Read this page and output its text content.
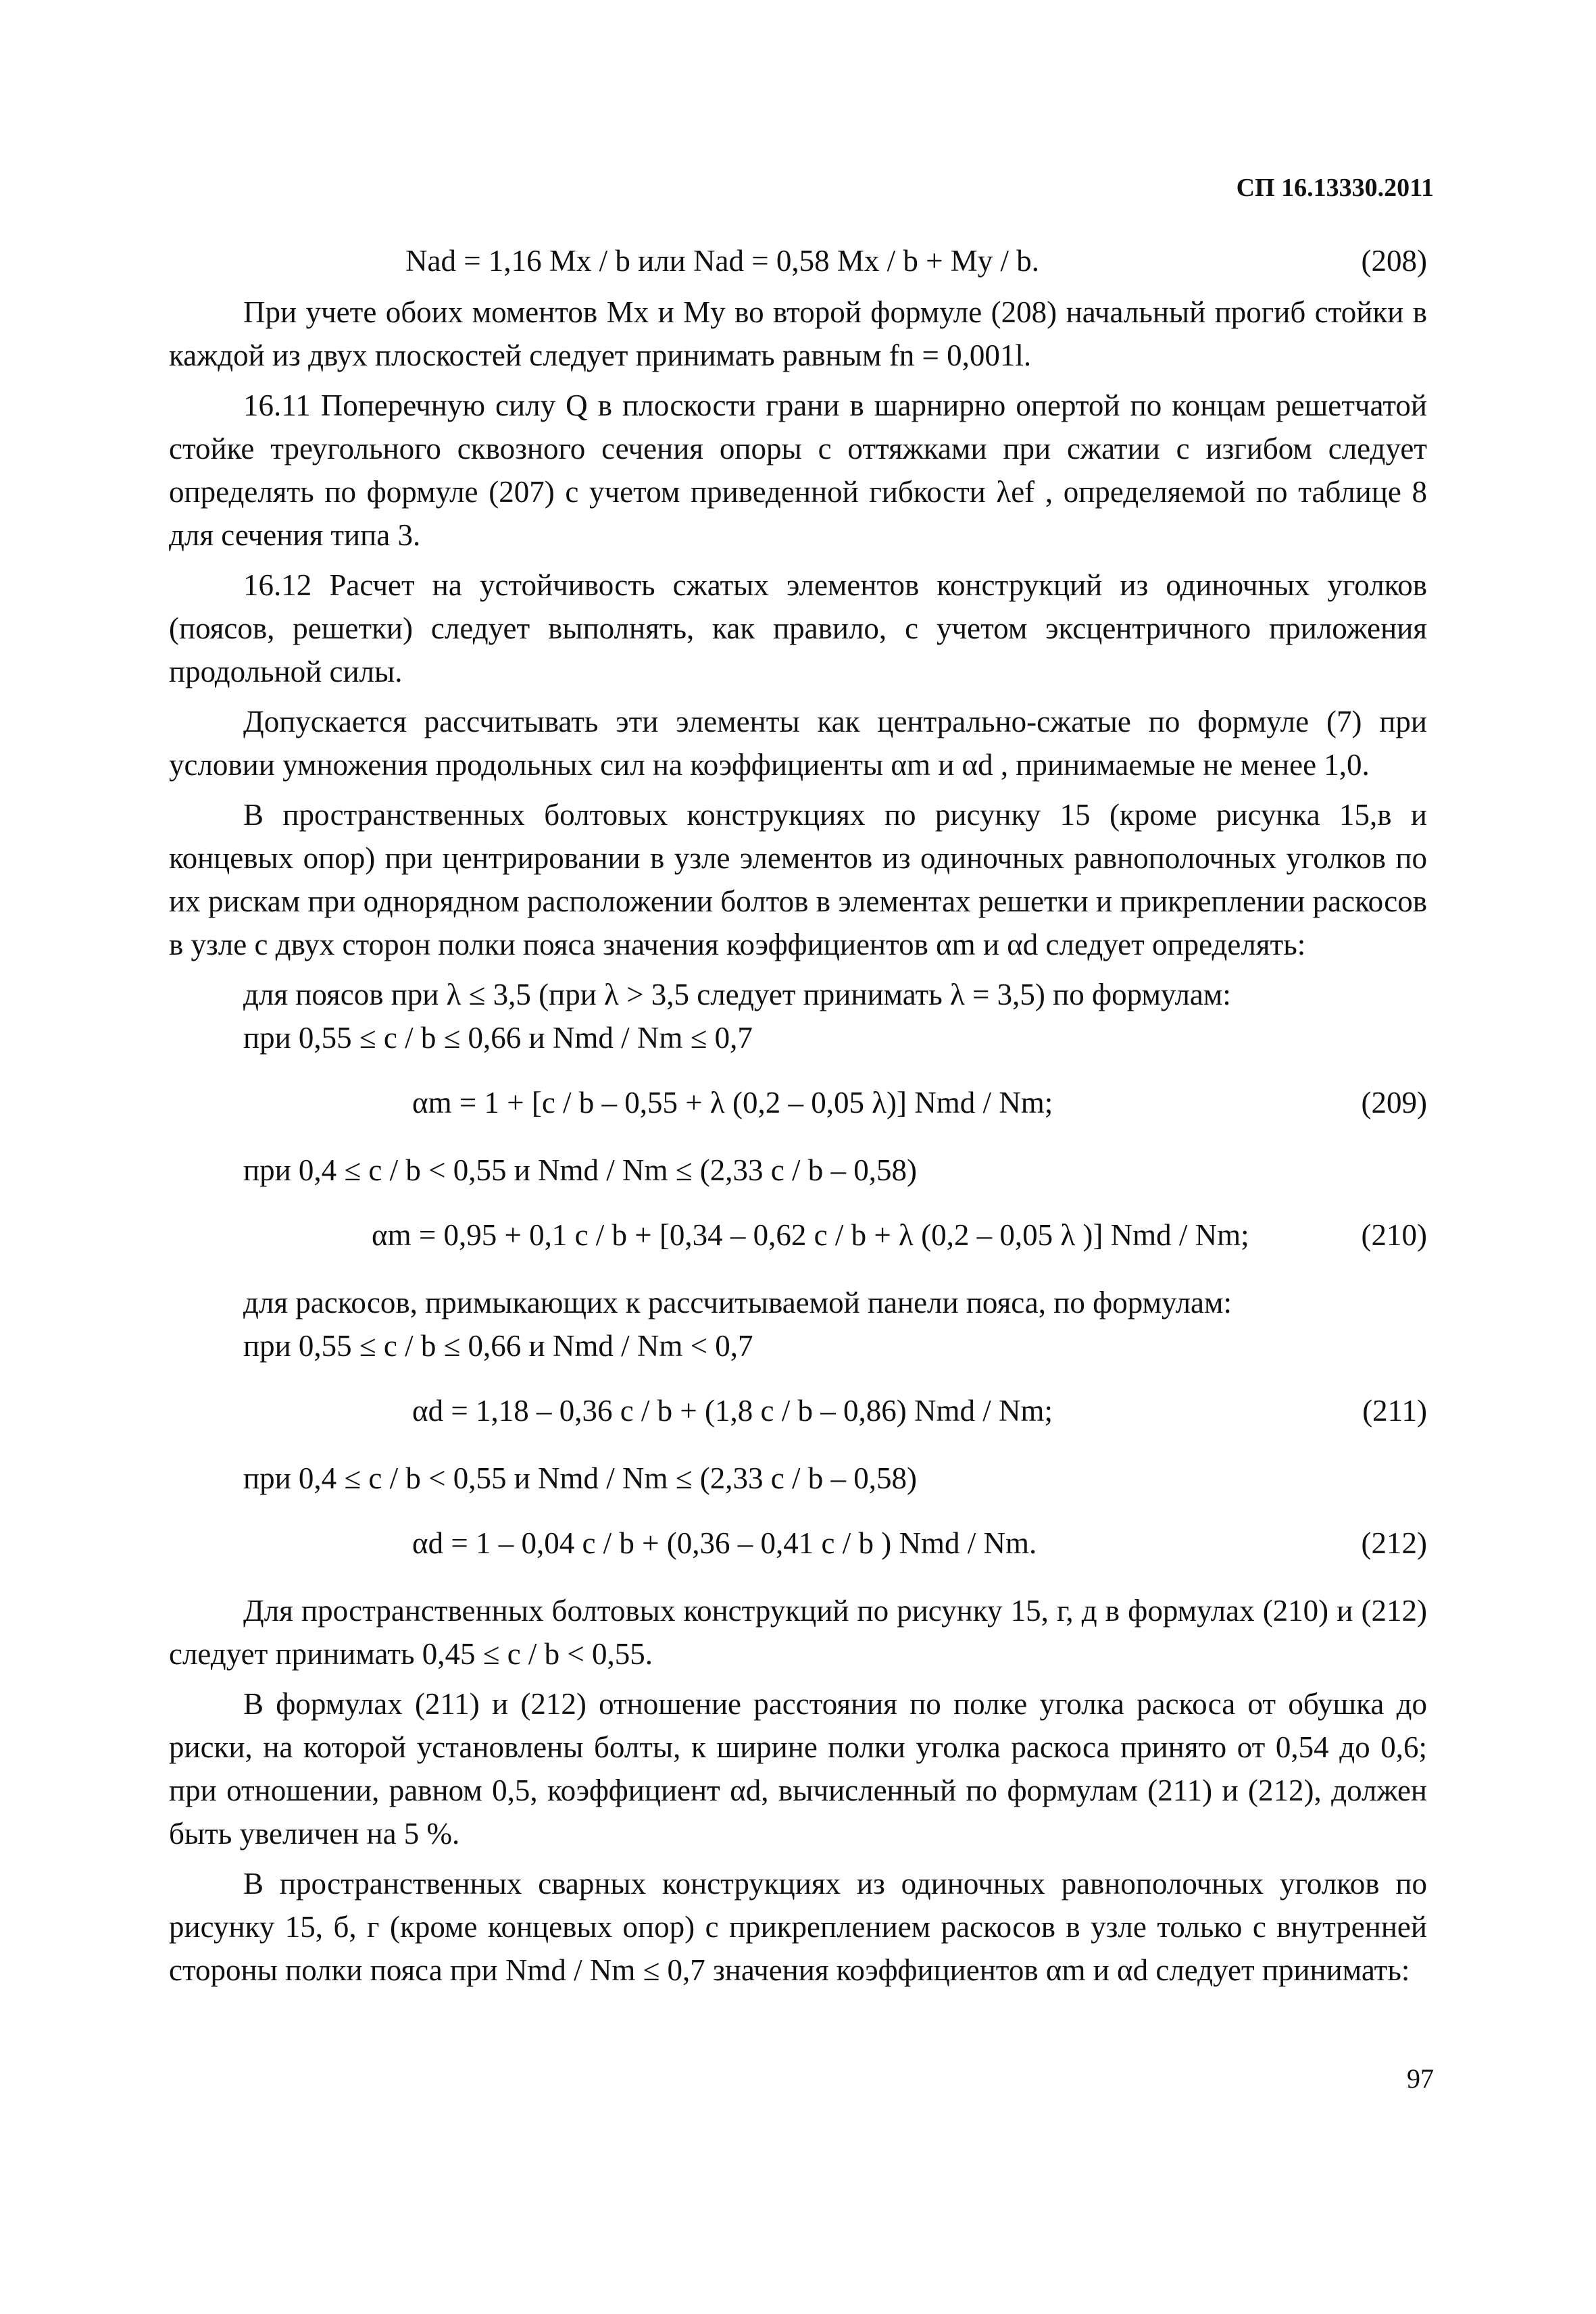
СП 16.13330.2011
Nad = 1,16 Mx / b или Nad = 0,58 Mx / b + My / b.	(208)

При учете обоих моментов Mx и My во второй формуле (208) начальный прогиб стойки в каждой из двух плоскостей следует принимать равным fn = 0,001l.

16.11 Поперечную силу Q в плоскости грани в шарнирно опертой по концам решетчатой стойке треугольного сквозного сечения опоры с оттяжками при сжатии с изгибом следует определять по формуле (207) с учетом приведенной гибкости λef , определяемой по таблице 8 для сечения типа 3.

16.12 Расчет на устойчивость сжатых элементов конструкций из одиночных уголков (поясов, решетки) следует выполнять, как правило, с учетом эксцентричного приложения продольной силы.

Допускается рассчитывать эти элементы как центрально-сжатые по формуле (7) при условии умножения продольных сил на коэффициенты αm и αd , принимаемые не менее 1,0.

В пространственных болтовых конструкциях по рисунку 15 (кроме рисунка 15,в и концевых опор) при центрировании в узле элементов из одиночных равнополочных уголков по их рискам при однорядном расположении болтов в элементах решетки и прикреплении раскосов в узле с двух сторон полки пояса значения коэффициентов αm и αd следует определять:

для поясов при λ ≤ 3,5 (при λ > 3,5 следует принимать λ = 3,5) по формулам:

при 0,55 ≤ c / b ≤ 0,66 и Nmd / Nm ≤ 0,7

αm = 1 + [c / b – 0,55 + λ (0,2 – 0,05 λ)] Nmd / Nm;	(209)

при 0,4 ≤ c / b < 0,55 и Nmd / Nm ≤ (2,33 c / b – 0,58)

αm = 0,95 + 0,1 c / b + [0,34 – 0,62 c / b + λ (0,2 – 0,05 λ )] Nmd / Nm;	(210)

для раскосов, примыкающих к рассчитываемой панели пояса, по формулам:

при 0,55 ≤ c / b ≤ 0,66 и Nmd / Nm < 0,7

αd = 1,18 – 0,36 c / b + (1,8 c / b – 0,86) Nmd / Nm;	(211)

при 0,4 ≤ c / b < 0,55 и Nmd / Nm ≤ (2,33 c / b – 0,58)

αd = 1 – 0,04 c / b + (0,36 – 0,41 c / b ) Nmd / Nm.	(212)

Для пространственных болтовых конструкций по рисунку 15, г, д в формулах (210) и (212) следует принимать 0,45 ≤ c / b < 0,55.

В формулах (211) и (212) отношение расстояния по полке уголка раскоса от обушка до риски, на которой установлены болты, к ширине полки уголка раскоса принято от 0,54 до 0,6; при отношении, равном 0,5, коэффициент αd, вычисленный по формулам (211) и (212), должен быть увеличен на 5 %.

В пространственных сварных конструкциях из одиночных равнополочных уголков по рисунку 15, б, г (кроме концевых опор) с прикреплением раскосов в узле только с внутренней стороны полки пояса при Nmd / Nm ≤ 0,7 значения коэффициентов αm и αd следует принимать:

97
